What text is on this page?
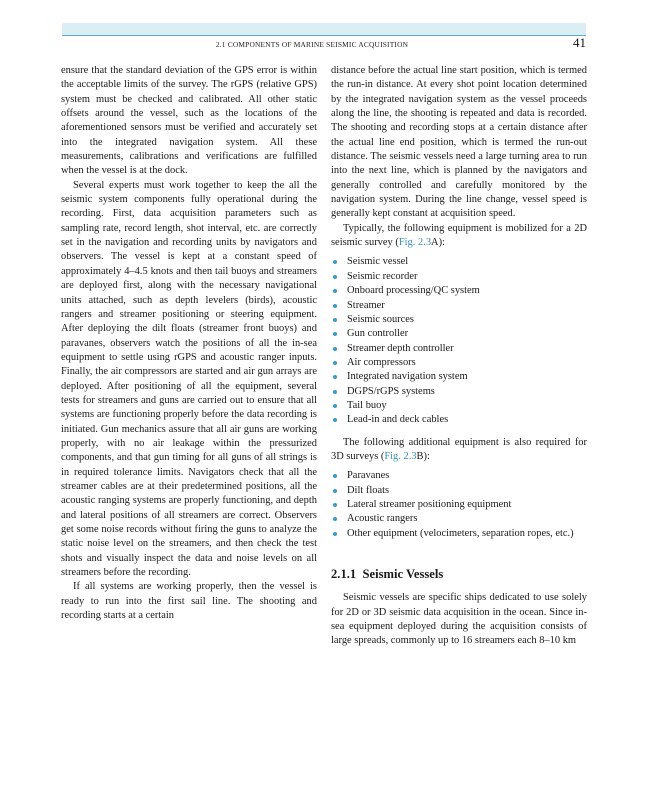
2.1 COMPONENTS OF MARINE SEISMIC ACQUISITION	41

ensure that the standard deviation of the GPS error is within the acceptable limits of the survey. The rGPS (relative GPS) system must be checked and calibrated. All other static offsets around the vessel, such as the locations of the aforementioned sensors must be verified and accurately set into the integrated navigation system. All these measurements, calibrations and verifications are fulfilled when the vessel is at the dock.

Several experts must work together to keep the all the seismic system components fully operational during the recording. First, data acquisition parameters such as sampling rate, record length, shot interval, etc. are correctly set in the navigation and recording units by navigators and observers. The vessel is kept at a constant speed of approximately 4–4.5 knots and then tail buoys and streamers are deployed first, along with the necessary navigational units attached, such as depth levelers (birds), acoustic rangers and streamer positioning or steering equipment. After deploying the dilt floats (streamer front buoys) and paravanes, observers watch the positions of all the in-sea equipment to settle using rGPS and acoustic ranger inputs. Finally, the air compressors are started and air gun arrays are deployed. After positioning of all the equipment, several tests for streamers and guns are carried out to ensure that all systems are functioning properly before the data recording is initiated. Gun mechanics assure that all air guns are working properly, with no air leakage within the pressurized components, and that gun timing for all guns of all strings is in required tolerance limits. Navigators check that all the streamer cables are at their predetermined positions, all the acoustic ranging systems are properly functioning, and depth and lateral positions of all streamers are correct. Observers get some noise records without firing the guns to analyze the static noise level on the streamers, and then check the test shots and visually inspect the data and noise levels on all streamers before the recording.

If all systems are working properly, then the vessel is ready to run into the first sail line. The shooting and recording starts at a certain

distance before the actual line start position, which is termed the run-in distance. At every shot point location determined by the integrated navigation system as the vessel proceeds along the line, the shooting is repeated and data is recorded. The shooting and recording stops at a certain distance after the actual line end position, which is termed the run-out distance. The seismic vessels need a large turning area to run into the next line, which is planned by the navigators and generally controlled and carefully monitored by the navigation system. During the line change, vessel speed is generally kept constant at acquisition speed.

Typically, the following equipment is mobilized for a 2D seismic survey (Fig. 2.3A):

Seismic vessel
Seismic recorder
Onboard processing/QC system
Streamer
Seismic sources
Gun controller
Streamer depth controller
Air compressors
Integrated navigation system
DGPS/rGPS systems
Tail buoy
Lead-in and deck cables

The following additional equipment is also required for 3D surveys (Fig. 2.3B):

Paravanes
Dilt floats
Lateral streamer positioning equipment
Acoustic rangers
Other equipment (velocimeters, separation ropes, etc.)
2.1.1 Seismic Vessels

Seismic vessels are specific ships dedicated to use solely for 2D or 3D seismic data acquisition in the ocean. Since in-sea equipment deployed during the acquisition consists of large spreads, commonly up to 16 streamers each 8–10 km
